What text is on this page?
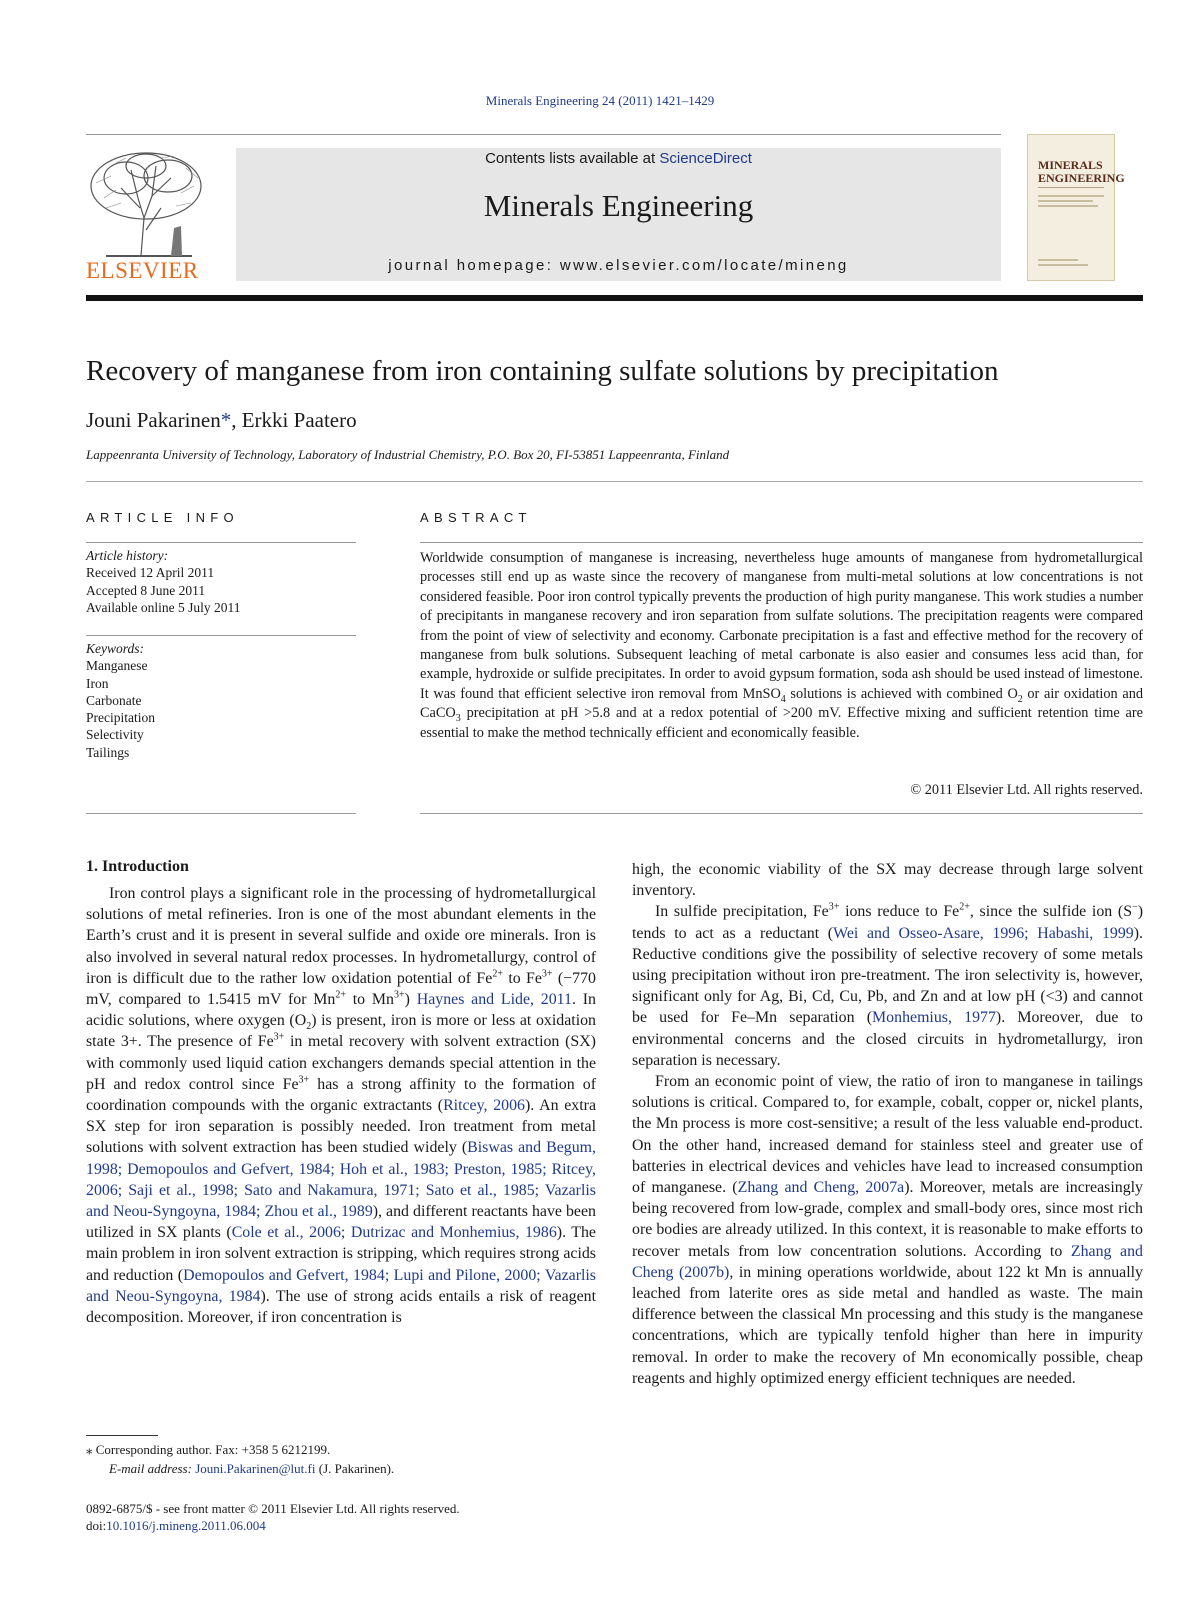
Minerals Engineering 24 (2011) 1421–1429
ELSEVIER
Contents lists available at ScienceDirect
Minerals Engineering
journal homepage: www.elsevier.com/locate/mineng
MINERALS
ENGINEERING
Recovery of manganese from iron containing sulfate solutions by precipitation
Jouni Pakarinen*, Erkki Paatero
Lappeenranta University of Technology, Laboratory of Industrial Chemistry, P.O. Box 20, FI-53851 Lappeenranta, Finland
ARTICLE INFO
Article history:
Received 12 April 2011
Accepted 8 June 2011
Available online 5 July 2011
Keywords:
Manganese
Iron
Carbonate
Precipitation
Selectivity
Tailings
ABSTRACT
Worldwide consumption of manganese is increasing, nevertheless huge amounts of manganese from hydrometallurgical processes still end up as waste since the recovery of manganese from multi-metal solutions at low concentrations is not considered feasible. Poor iron control typically prevents the production of high purity manganese. This work studies a number of precipitants in manganese recovery and iron separation from sulfate solutions. The precipitation reagents were compared from the point of view of selectivity and economy. Carbonate precipitation is a fast and effective method for the recovery of manganese from bulk solutions. Subsequent leaching of metal carbonate is also easier and consumes less acid than, for example, hydroxide or sulfide precipitates. In order to avoid gypsum formation, soda ash should be used instead of limestone. It was found that efficient selective iron removal from MnSO$_4$ solutions is achieved with combined $O_2$ or air oxidation and CaCO$_3$ precipitation at pH >5.8 and at a redox potential of >200 mV. Effective mixing and sufficient retention time are essential to make the method technically efficient and economically feasible.
© 2011 Elsevier Ltd. All rights reserved.
1. Introduction

Iron control plays a significant role in the processing of hydrometallurgical solutions of metal refineries. Iron is one of the most abundant elements in the Earth’s crust and it is present in several sulfide and oxide ore minerals. Iron is also involved in several natural redox processes. In hydrometallurgy, control of iron is difficult due to the rather low oxidation potential of $Fe^{2+}$ to $Fe^{3+}$ (−770 mV, compared to 1.5415 mV for $Mn^{2+}$ to $Mn^{3+}$) Haynes and Lide, 2011. In acidic solutions, where oxygen $(O_2)$ is present, iron is more or less at oxidation state 3+. The presence of $Fe^{3+}$ in metal recovery with solvent extraction (SX) with commonly used liquid cation exchangers demands special attention in the pH and redox control since $Fe^{3+}$ has a strong affinity to the formation of coordination compounds with the organic extractants (Ritcey, 2006). An extra SX step for iron separation is possibly needed. Iron treatment from metal solutions with solvent extraction has been studied widely (Biswas and Begum, 1998; Demopoulos and Gefvert, 1984; Hoh et al., 1983; Preston, 1985; Ritcey, 2006; Saji et al., 1998; Sato and Nakamura, 1971; Sato et al., 1985; Vazarlis and Neou-Syngoyna, 1984; Zhou et al., 1989), and different reactants have been utilized in SX plants (Cole et al., 2006; Dutrizac and Monhemius, 1986). The main problem in iron solvent extraction is stripping, which requires strong acids and reduction (Demopoulos and Gefvert, 1984; Lupi and Pilone, 2000; Vazarlis and Neou-Syngoyna, 1984). The use of strong acids entails a risk of reagent decomposition. Moreover, if iron concentration is

high, the economic viability of the SX may decrease through large solvent inventory.

In sulfide precipitation, $Fe^{3+}$ ions reduce to $Fe^{2+}$, since the sulfide ion (S−) tends to act as a reductant (Wei and Osseo-Asare, 1996; Habashi, 1999). Reductive conditions give the possibility of selective recovery of some metals using precipitation without iron pre-treatment. The iron selectivity is, however, significant only for Ag, Bi, Cd, Cu, Pb, and Zn and at low pH (<3) and cannot be used for Fe–Mn separation (Monhemius, 1977). Moreover, due to environmental concerns and the closed circuits in hydrometallurgy, iron separation is necessary.

From an economic point of view, the ratio of iron to manganese in tailings solutions is critical. Compared to, for example, cobalt, copper or, nickel plants, the Mn process is more cost-sensitive; a result of the less valuable end-product. On the other hand, increased demand for stainless steel and greater use of batteries in electrical devices and vehicles have lead to increased consumption of manganese. (Zhang and Cheng, 2007a). Moreover, metals are increasingly being recovered from low-grade, complex and small-body ores, since most rich ore bodies are already utilized. In this context, it is reasonable to make efforts to recover metals from low concentration solutions. According to Zhang and Cheng (2007b), in mining operations worldwide, about 122 kt Mn is annually leached from laterite ores as side metal and handled as waste. The main difference between the classical Mn processing and this study is the manganese concentrations, which are typically tenfold higher than here in impurity removal. In order to make the recovery of Mn economically possible, cheap reagents and highly optimized energy efficient techniques are needed.

⁎ Corresponding author. Fax: +358 5 6212199.
E-mail address: Jouni.Pakarinen@lut.fi (J. Pakarinen).
0892-6875/$ - see front matter © 2011 Elsevier Ltd. All rights reserved.
doi:10.1016/j.mineng.2011.06.004
